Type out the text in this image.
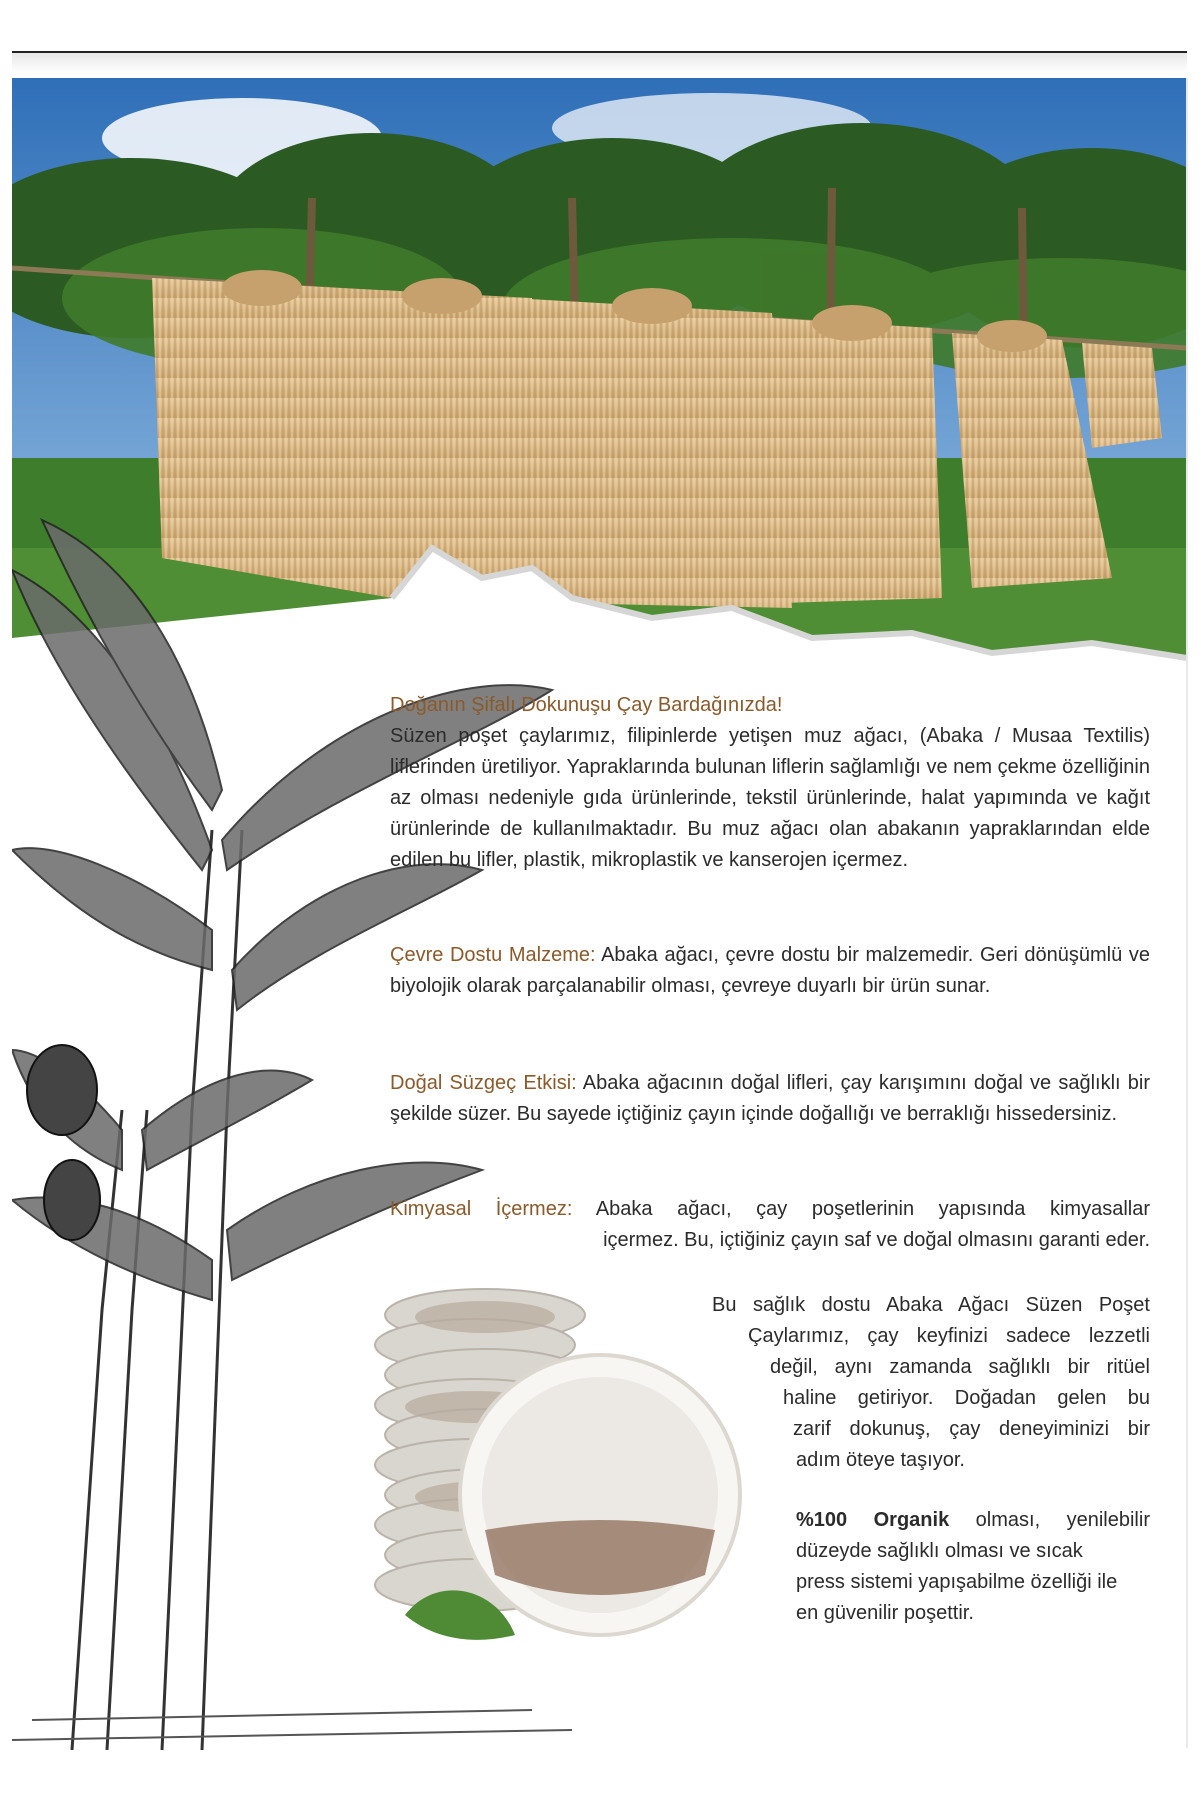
Doğanın Şifalı Dokunuşu Çay Bardağınızda!
Süzen poşet çaylarımız, filipinlerde yetişen muz ağacı, (Abaka / Musaa Textilis) liflerinden üretiliyor. Yapraklarında bulunan liflerin sağlamlığı ve nem çekme özelliğinin az olması nedeniyle gıda ürünlerinde, tekstil ürünlerinde, halat yapımında ve kağıt ürünlerinde de kullanılmaktadır. Bu muz ağacı olan abakanın yapraklarından elde edilen bu lifler, plastik, mikroplastik ve kanserojen içermez.
Çevre Dostu Malzeme: Abaka ağacı, çevre dostu bir malzemedir. Geri dönüşümlü ve biyolojik olarak parçalanabilir olması, çevreye duyarlı bir ürün sunar.
Doğal Süzgeç Etkisi: Abaka ağacının doğal lifleri, çay karışımını doğal ve sağlıklı bir şekilde süzer. Bu sayede içtiğiniz çayın içinde doğallığı ve berraklığı hissedersiniz.
Kimyasal İçermez: Abaka ağacı, çay poşetlerinin yapısında kimyasallar
içermez. Bu, içtiğiniz çayın saf ve doğal olmasını garanti eder.
Bu sağlık dostu Abaka Ağacı Süzen Poşet
Çaylarımız, çay keyfinizi sadece lezzetli
değil, aynı zamanda sağlıklı bir ritüel
haline getiriyor. Doğadan gelen bu
zarif dokunuş, çay deneyiminizi bir
adım öteye taşıyor.
%100 Organik olması, yenilebilir
düzeyde sağlıklı olması ve sıcak
press sistemi yapışabilme özelliği ile
en güvenilir poşettir.
